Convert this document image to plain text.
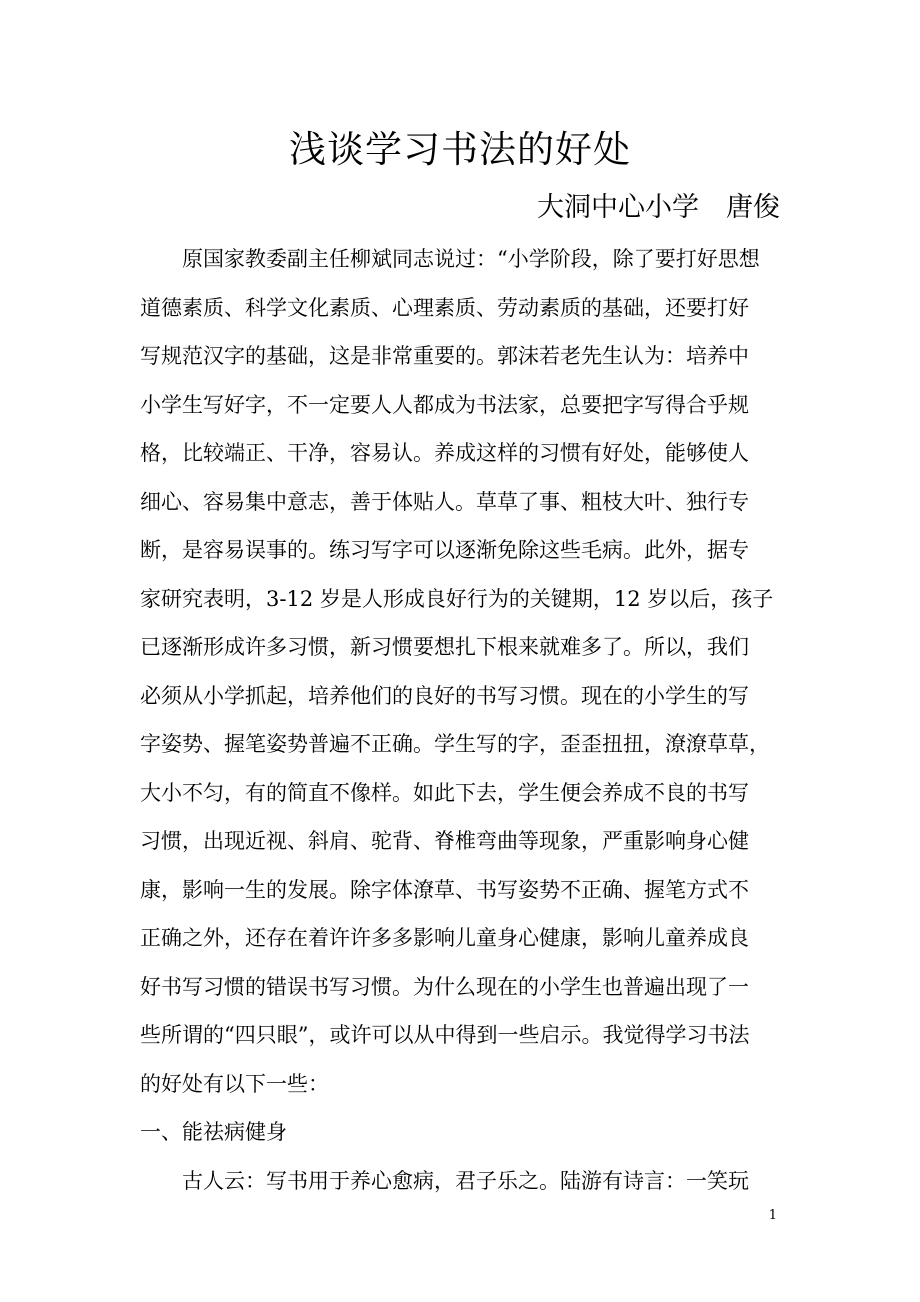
浅谈学习书法的好处

大洞中心小学　唐俊

　　原国家教委副主任柳斌同志说过：“小学阶段，除了要打好思想
道德素质、科学文化素质、心理素质、劳动素质的基础，还要打好
写规范汉字的基础，这是非常重要的。郭沫若老先生认为：培养中
小学生写好字，不一定要人人都成为书法家，总要把字写得合乎规
格，比较端正、干净，容易认。养成这样的习惯有好处，能够使人
细心、容易集中意志，善于体贴人。草草了事、粗枝大叶、独行专
断，是容易误事的。练习写字可以逐渐免除这些毛病。此外，据专
家研究表明，3-12 岁是人形成良好行为的关键期，12 岁以后，孩子
已逐渐形成许多习惯，新习惯要想扎下根来就难多了。所以，我们
必须从小学抓起，培养他们的良好的书写习惯。现在的小学生的写
字姿势、握笔姿势普遍不正确。学生写的字，歪歪扭扭，潦潦草草，
大小不匀，有的简直不像样。如此下去，学生便会养成不良的书写
习惯，出现近视、斜肩、驼背、脊椎弯曲等现象，严重影响身心健
康，影响一生的发展。除字体潦草、书写姿势不正确、握笔方式不
正确之外，还存在着许许多多影响儿童身心健康，影响儿童养成良
好书写习惯的错误书写习惯。为什么现在的小学生也普遍出现了一
些所谓的“四只眼”，或许可以从中得到一些启示。我觉得学习书法
的好处有以下一些：
一、能祛病健身
　　古人云：写书用于养心愈病，君子乐之。陆游有诗言：一笑玩
1
